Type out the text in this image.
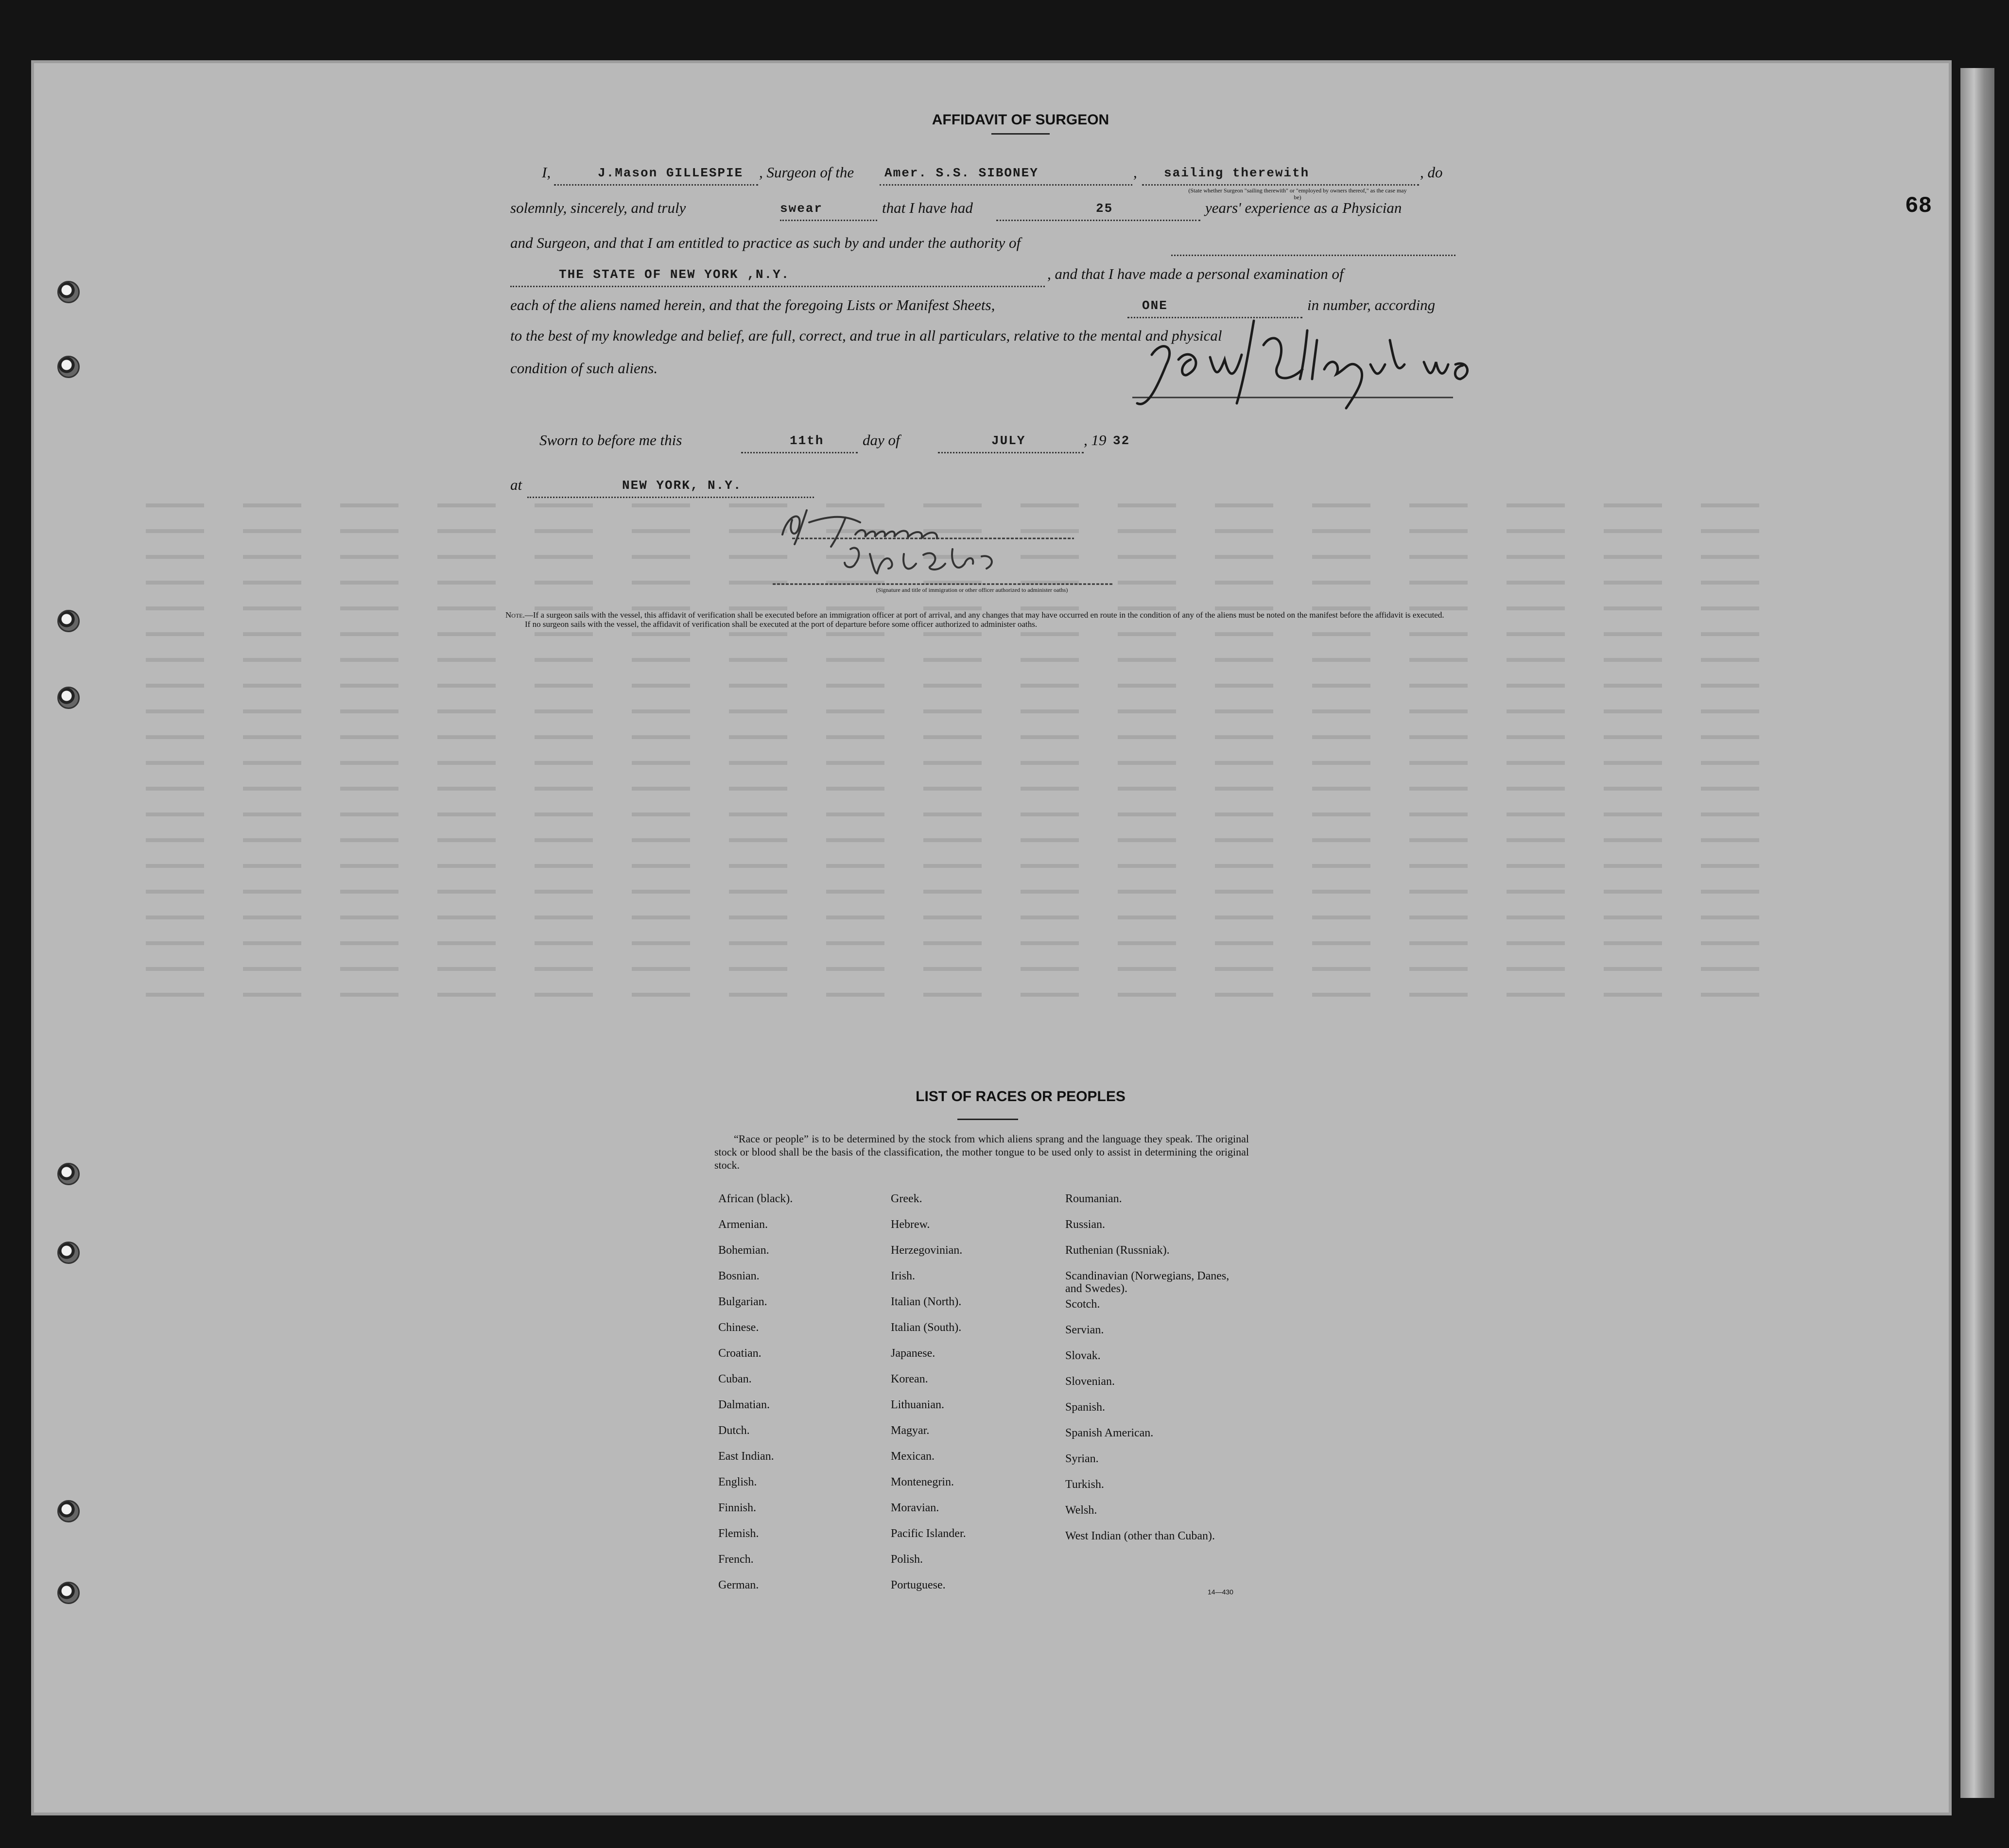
68
AFFIDAVIT OF SURGEON
I,	J.Mason GILLESPIE , Surgeon of the Amer. S.S. SIBONEY	, sailing therewith	, do
(State whether Surgeon "sailing therewith" or "employed by owners thereof," as the case may be)
solemnly, sincerely, and truly	swear	that I have had	25	years' experience as a Physician
and Surgeon, and that I am entitled to practice as such by and under the authority of
THE STATE OF NEW YORK ,N.Y.	, and that I have made a personal examination of
each of the aliens named herein, and that the foregoing Lists or Manifest Sheets,	ONE	in number, according
to the best of my knowledge and belief, are full, correct, and true in all particulars, relative to the mental and physical
condition of such aliens.
Sworn to before me this	11th	day of	JULY	, 19 32
at	NEW YORK, N.Y.
(Signature and title of immigration or other officer authorized to administer oaths)
Note.—If a surgeon sails with the vessel, this affidavit of verification shall be executed before an immigration officer at port of arrival, and any changes that may have occurred en route in the condition of any of the aliens must be noted on the manifest before the affidavit is executed.
If no surgeon sails with the vessel, the affidavit of verification shall be executed at the port of departure before some officer authorized to administer oaths.
LIST OF RACES OR PEOPLES

“Race or people” is to be determined by the stock from which aliens sprang and the language they speak. The original stock or blood shall be the basis of the classification, the mother tongue to be used only to assist in determining the original stock.

African (black).
Armenian.
Bohemian.
Bosnian.
Bulgarian.
Chinese.
Croatian.
Cuban.
Dalmatian.
Dutch.
East Indian.
English.
Finnish.
Flemish.
French.
German.
Greek.
Hebrew.
Herzegovinian.
Irish.
Italian (North).
Italian (South).
Japanese.
Korean.
Lithuanian.
Magyar.
Mexican.
Montenegrin.
Moravian.
Pacific Islander.
Polish.
Portuguese.
Roumanian.
Russian.
Ruthenian (Russniak).
Scandinavian (Norwegians, Danes, and Swedes).
Scotch.
Servian.
Slovak.
Slovenian.
Spanish.
Spanish American.
Syrian.
Turkish.
Welsh.
West Indian (other than Cuban).
14—430
